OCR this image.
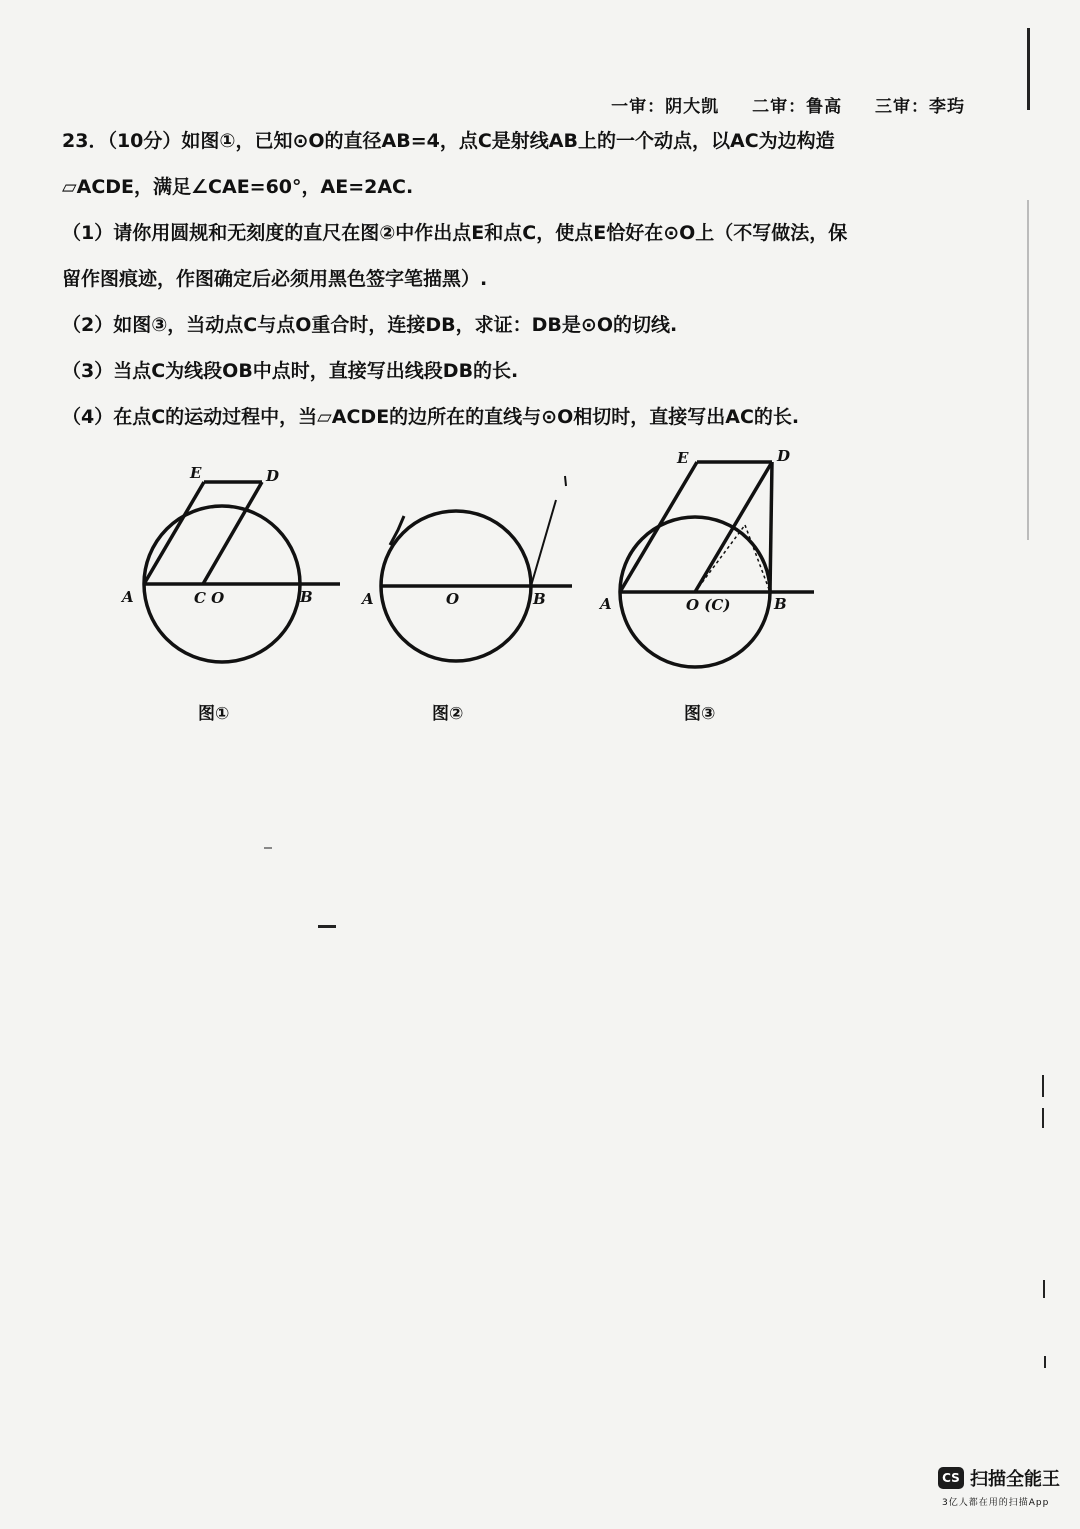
一审：阴大凯 二审：鲁高 三审：李玙

23．（10分）如图①，已知⊙O的直径AB=4，点C是射线AB上的一个动点，以AC为边构造

▱ACDE，满足∠CAE=60°，AE=2AC.

（1）请你用圆规和无刻度的直尺在图②中作出点E和点C，使点E恰好在⊙O上（不写做法，保

留作图痕迹，作图确定后必须用黑色签字笔描黑）.

（2）如图③，当动点C与点O重合时，连接DB，求证：DB是⊙O的切线.

（3）当点C为线段OB中点时，直接写出线段DB的长.

（4）在点C的运动过程中，当▱ACDE的边所在的直线与⊙O相切时，直接写出AC的长.

A	C O	B
E	D
A	O	B	A	O (C)	B
E	D
图①	图②	图③
CS 扫描全能王
3亿人都在用的扫描App
